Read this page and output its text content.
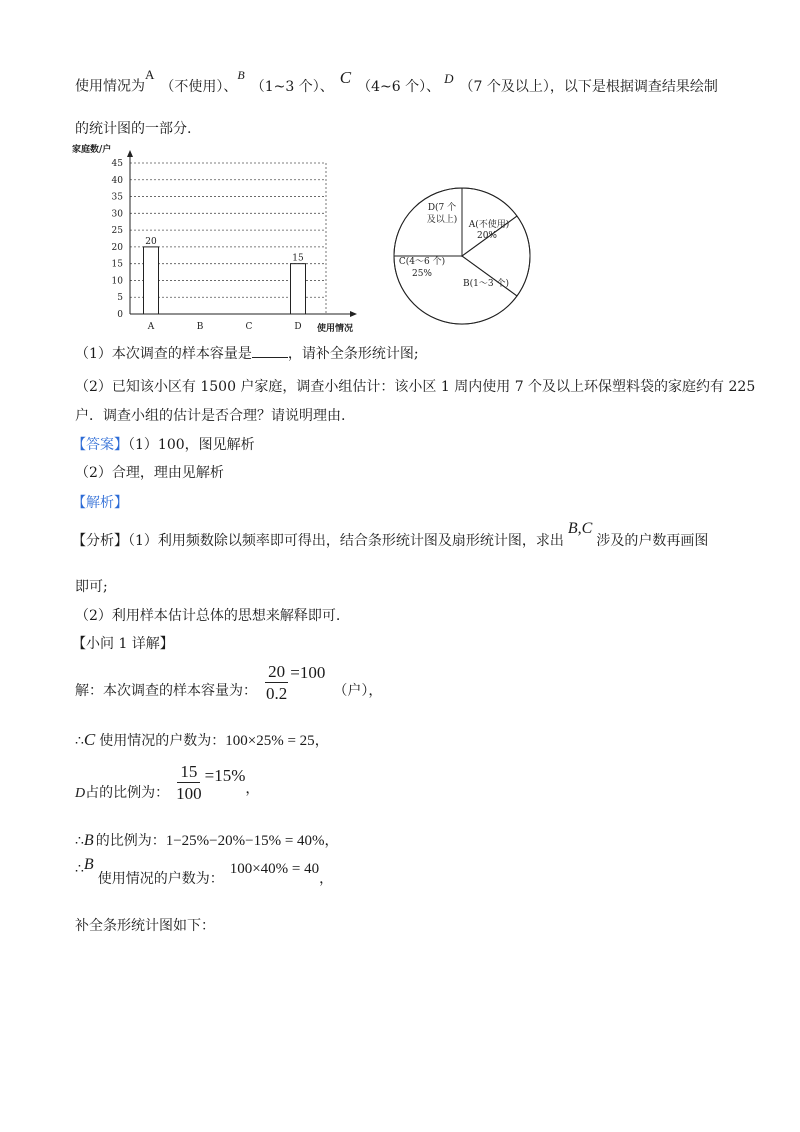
使用情况为$^A$（不使用）、$^B$（1~3 个）、 C （4~6 个）、D（7 个及以上），以下是根据调查结果绘制
的统计图的一部分.
家庭数/户
0
5
10
15
20
25
30
35
40
45
20
A	B	C
15
D 使用情况
D(7 个
及以上) A(不使用)
20%
C(4～6 个)
25%
B(1～3 个)
（1）本次调查的样本容量是	，请补全条形统计图;
（2）已知该小区有 1500 户家庭，调查小组估计：该小区 1 周内使用 7 个及以上环保塑料袋的家庭约有 225
户．调查小组的估计是否合理？请说明理由.
【答案】（1）100，图见解析
（2）合理，理由见解析
【解析】
【分析】（1）利用频数除以频率即可得出，结合条形统计图及扇形统计图，求出B,C涉及的户数再画图
即可;
（2）利用样本估计总体的思想来解释即可.
【小问 1 详解】
解：本次调查的样本容量为： $\frac{20}{0.2} =100$
（户），
∴C 使用情况的户数为：100×25% = 25，
D 占的比例为： $\frac{15}{100} =15\%$
，
∴B 的比例为：1−25%−20%−15% = 40%，
∴B使用情况的户数为：100×40% = 40，
补全条形统计图如下：
